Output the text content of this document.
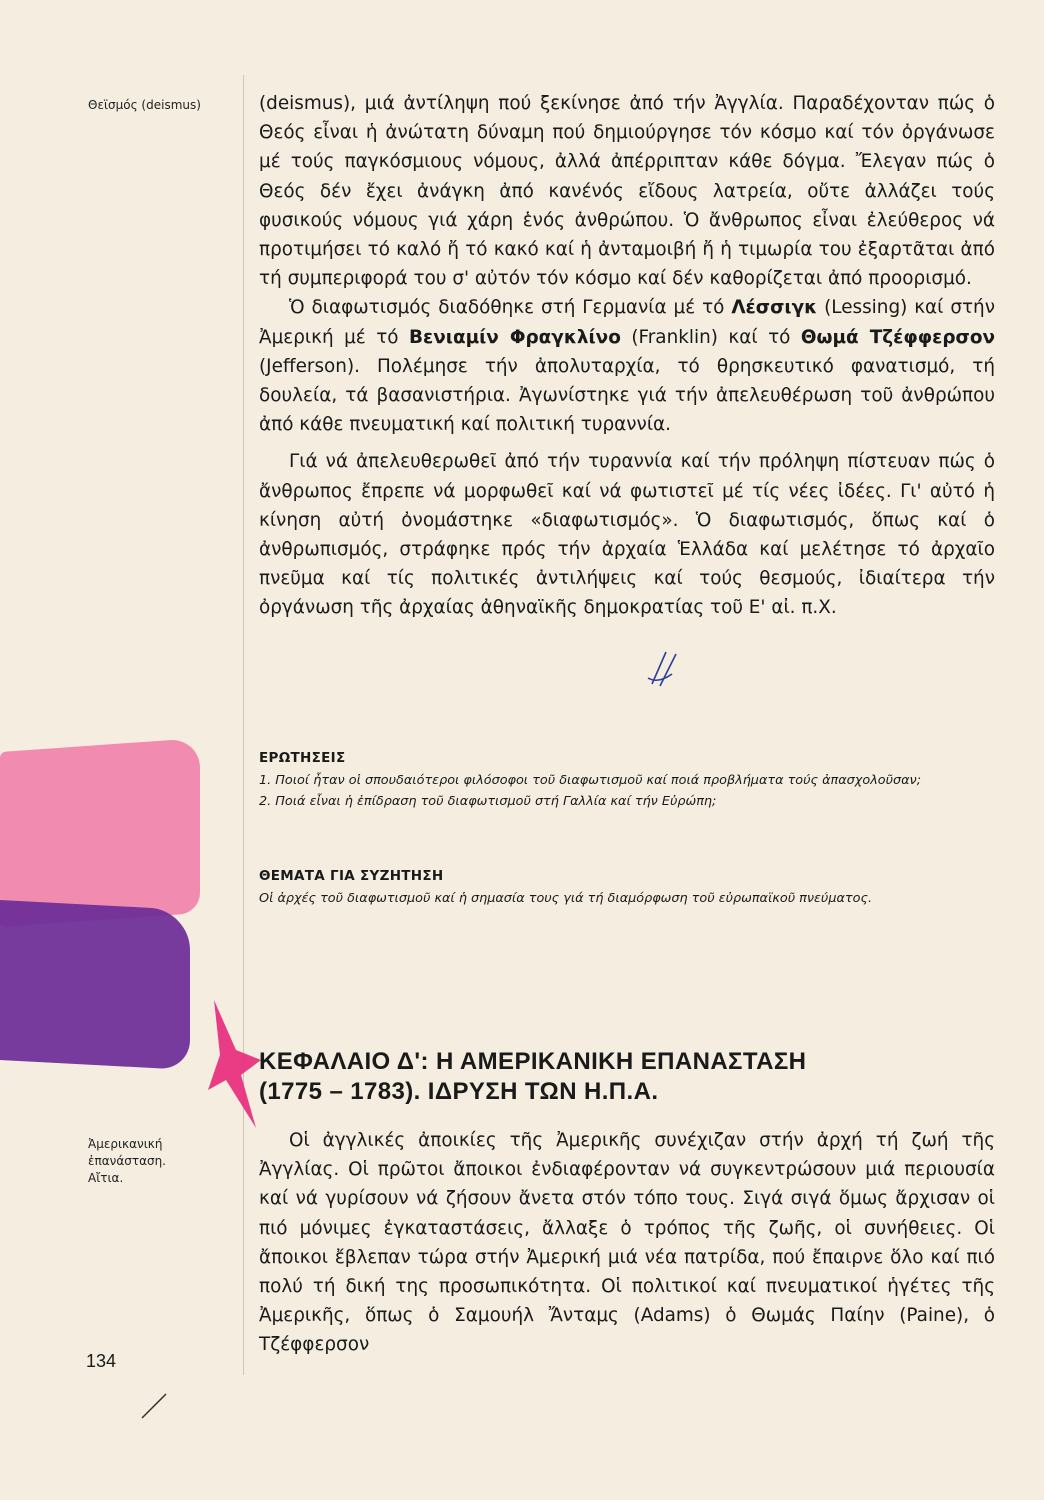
Θεϊσμός (deismus)
Ἀμερικανική
ἐπανάσταση.
Αἴτια.

(deismus), μιά ἀντίληψη πού ξεκίνησε ἀπό τήν Ἀγγλία. Παραδέχονταν πώς ὁ Θεός εἶναι ἡ ἀνώτατη δύναμη πού δημιούργησε τόν κόσμο καί τόν ὀργάνωσε μέ τούς παγκόσμιους νόμους, ἀλλά ἀπέρριπταν κάθε δόγμα. Ἔλεγαν πώς ὁ Θεός δέν ἔχει ἀνάγκη ἀπό κανένός εἴδους λατρεία, οὔτε ἀλλάζει τούς φυσικούς νόμους γιά χάρη ἑνός ἀνθρώπου. Ὁ ἄνθρωπος εἶναι ἐλεύθερος νά προτιμήσει τό καλό ἤ τό κακό καί ἡ ἀνταμοιβή ἤ ἡ τιμωρία του ἐξαρτᾶται ἀπό τή συμπεριφορά του σ' αὐτόν τόν κόσμο καί δέν καθορίζεται ἀπό προορισμό.

Ὁ διαφωτισμός διαδόθηκε στή Γερμανία μέ τό Λέσσιγκ (Lessing) καί στήν Ἀμερική μέ τό Βενιαμίν Φραγκλίνο (Franklin) καί τό Θωμά Τζέφφερσον (Jefferson). Πολέμησε τήν ἀπολυταρχία, τό θρησκευτικό φανατισμό, τή δουλεία, τά βασανιστήρια. Ἀγωνίστηκε γιά τήν ἀπελευθέρωση τοῦ ἀνθρώπου ἀπό κάθε πνευματική καί πολιτική τυραννία.

Γιά νά ἀπελευθερωθεῖ ἀπό τήν τυραννία καί τήν πρόληψη πίστευαν πώς ὁ ἄνθρωπος ἔπρεπε νά μορφωθεῖ καί νά φωτιστεῖ μέ τίς νέες ἰδέες. Γι' αὐτό ἡ κίνηση αὐτή ὀνομάστηκε «διαφωτισμός». Ὁ διαφωτισμός, ὅπως καί ὁ ἀνθρωπισμός, στράφηκε πρός τήν ἀρχαία Ἑλλάδα καί μελέτησε τό ἀρχαῖο πνεῦμα καί τίς πολιτικές ἀντιλήψεις καί τούς θεσμούς, ἰδιαίτερα τήν ὀργάνωση τῆς ἀρχαίας ἀθηναϊκῆς δημοκρατίας τοῦ Ε' αἰ. π.Χ.

ΕΡΩΤΗΣΕΙΣ

1. Ποιοί ἦταν οἱ σπουδαιότεροι φιλόσοφοι τοῦ διαφωτισμοῦ καί ποιά προβλήματα τούς ἀπασχολοῦσαν;

2. Ποιά εἶναι ἡ ἐπίδραση τοῦ διαφωτισμοῦ στή Γαλλία καί τήν Εὐρώπη;

ΘΕΜΑΤΑ ΓΙΑ ΣΥΖΗΤΗΣΗ

Οἱ ἀρχές τοῦ διαφωτισμοῦ καί ἡ σημασία τους γιά τή διαμόρφωση τοῦ εὐρωπαϊκοῦ πνεύματος.

ΚΕΦΑΛΑΙΟ Δ': Η ΑΜΕΡΙΚΑΝΙΚΗ ΕΠΑΝΑΣΤΑΣΗ
(1775 – 1783). ΙΔΡΥΣΗ ΤΩΝ Η.Π.Α.

Οἱ ἀγγλικές ἀποικίες τῆς Ἀμερικῆς συνέχιζαν στήν ἀρχή τή ζωή τῆς Ἀγγλίας. Οἱ πρῶτοι ἄποικοι ἐνδιαφέρονταν νά συγκεντρώσουν μιά περιουσία καί νά γυρίσουν νά ζήσουν ἄνετα στόν τόπο τους. Σιγά σιγά ὅμως ἄρχισαν οἱ πιό μόνιμες ἐγκαταστάσεις, ἄλλαξε ὁ τρόπος τῆς ζωῆς, οἱ συνήθειες. Οἱ ἄποικοι ἔβλεπαν τώρα στήν Ἀμερική μιά νέα πατρίδα, πού ἔπαιρνε ὅλο καί πιό πολύ τή δική της προσωπικότητα. Οἱ πολιτικοί καί πνευματικοί ἡγέτες τῆς Ἀμερικῆς, ὅπως ὁ Σαμουήλ Ἄνταμς (Adams) ὁ Θωμάς Παίην (Paine), ὁ Τζέφφερσον

134
